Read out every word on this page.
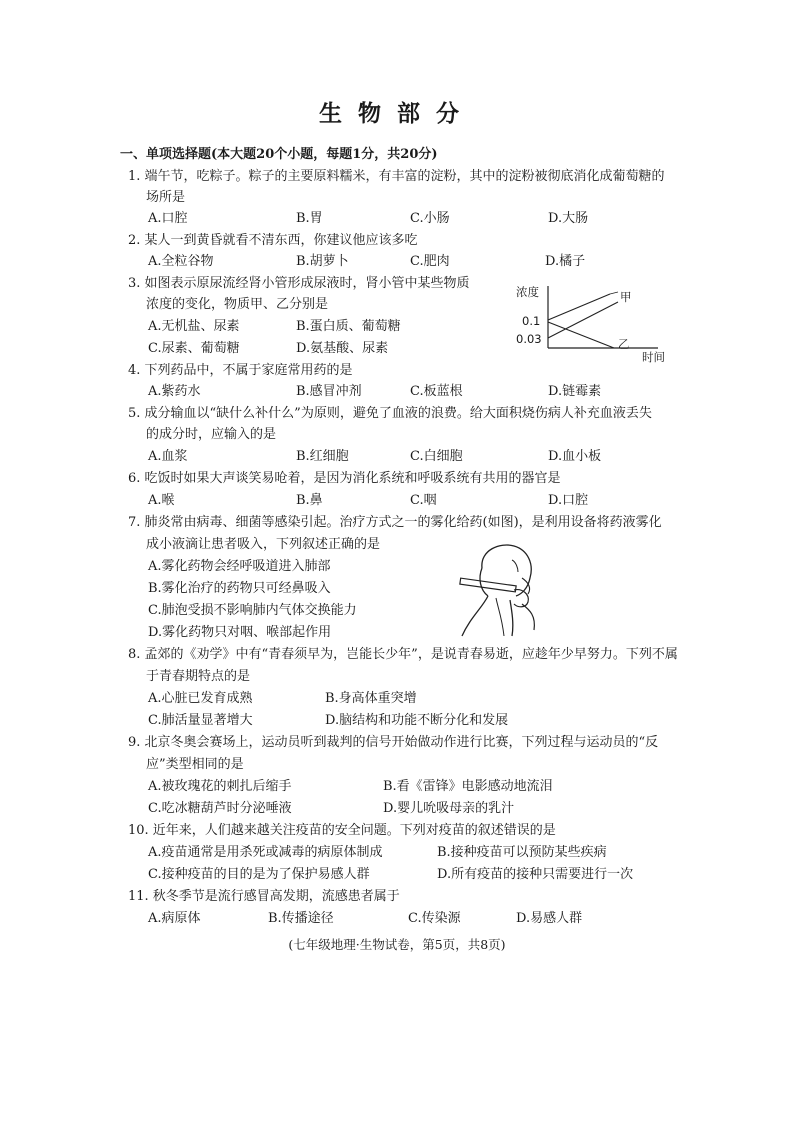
生物部分
一、单项选择题(本大题20个小题，每题1分，共20分)
1. 端午节，吃粽子。粽子的主要原料糯米，有丰富的淀粉，其中的淀粉被彻底消化成葡萄糖的
场所是
A.口腔	B.胃	C.小肠	D.大肠
2. 某人一到黄昏就看不清东西，你建议他应该多吃
A.全粒谷物	B.胡萝卜	C.肥肉	D.橘子
3. 如图表示原尿流经肾小管形成尿液时，肾小管中某些物质
浓度的变化，物质甲、乙分别是
A.无机盐、尿素	B.蛋白质、葡萄糖
C.尿素、葡萄糖	D.氨基酸、尿素
浓度
0.1
0.03
甲
乙
时间
4. 下列药品中，不属于家庭常用药的是
A.紫药水	B.感冒冲剂	C.板蓝根	D.链霉素
5. 成分输血以“缺什么补什么”为原则，避免了血液的浪费。给大面积烧伤病人补充血液丢失
的成分时，应输入的是
A.血浆	B.红细胞	C.白细胞	D.血小板
6. 吃饭时如果大声谈笑易呛着，是因为消化系统和呼吸系统有共用的器官是
A.喉	B.鼻	C.咽	D.口腔
7. 肺炎常由病毒、细菌等感染引起。治疗方式之一的雾化给药(如图)，是利用设备将药液雾化
成小液滴让患者吸入，下列叙述正确的是
A.雾化药物会经呼吸道进入肺部
B.雾化治疗的药物只可经鼻吸入
C.肺泡受损不影响肺内气体交换能力
D.雾化药物只对咽、喉部起作用
8. 孟郊的《劝学》中有“青春须早为，岂能长少年”，是说青春易逝，应趁年少早努力。下列不属
于青春期特点的是
A.心脏已发育成熟	B.身高体重突增
C.肺活量显著增大	D.脑结构和功能不断分化和发展
9. 北京冬奥会赛场上，运动员听到裁判的信号开始做动作进行比赛，下列过程与运动员的“反
应”类型相同的是
A.被玫瑰花的刺扎后缩手	B.看《雷锋》电影感动地流泪
C.吃冰糖葫芦时分泌唾液	D.婴儿吮吸母亲的乳汁
10. 近年来，人们越来越关注疫苗的安全问题。下列对疫苗的叙述错误的是
A.疫苗通常是用杀死或减毒的病原体制成	B.接种疫苗可以预防某些疾病
C.接种疫苗的目的是为了保护易感人群	D.所有疫苗的接种只需要进行一次
11. 秋冬季节是流行感冒高发期，流感患者属于
A.病原体	B.传播途径	C.传染源	D.易感人群
(七年级地理·生物试卷，第5页，共8页)
